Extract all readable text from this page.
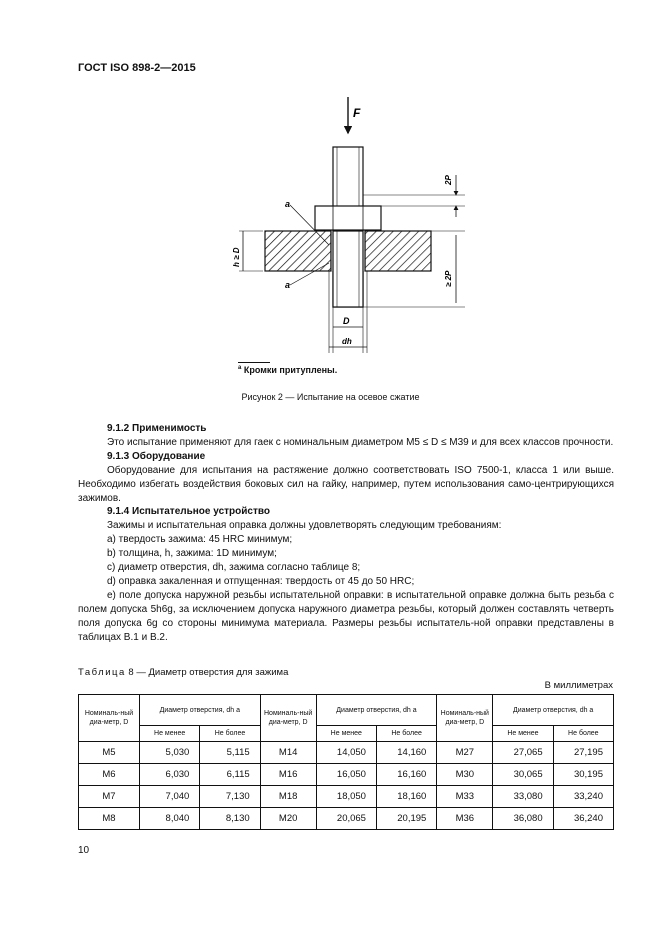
ГОСТ ISO 898-2—2015
a
a
h ≥ D
F
2P
≥ 2P
D
dh
$^a$ Кромки притуплены.
Рисунок 2 — Испытание на осевое сжатие

9.1.2 Применимость

Это испытание применяют для гаек с номинальным диаметром М5 ≤ D ≤ М39 и для всех классов прочности.

9.1.3 Оборудование

Оборудование для испытания на растяжение должно соответствовать ISO 7500-1, класса 1 или выше. Необходимо избегать воздействия боковых сил на гайку, например, путем использования само-центрирующихся зажимов.

9.1.4 Испытательное устройство

Зажимы и испытательная оправка должны удовлетворять следующим требованиям:

a) твердость зажима: 45 HRC минимум;

b) толщина, h, зажима: 1D минимум;

c) диаметр отверстия, dh, зажима согласно таблице 8;

d) оправка закаленная и отпущенная: твердость от 45 до 50 HRC;

e) поле допуска наружной резьбы испытательной оправки: в испытательной оправке должна быть резьба с полем допуска 5h6g, за исключением допуска наружного диаметра резьбы, который должен составлять четверть поля допуска 6g со стороны минимума материала. Размеры резьбы испытатель-ной оправки представлены в таблицах В.1 и В.2.

Таблица 8 — Диаметр отверстия для зажима
В миллиметрах
Номиналь-ный диа-метр, D	Диаметр отверстия, dh a		Номиналь-ный диа-метр, D	Диаметр отверстия, dh a		Номиналь-ный диа-метр, D	Диаметр отверстия, dh a	
	Не менее	Не более		Не менее	Не более		Не менее	Не более
М5	5,030	5,115	М14	14,050	14,160	М27	27,065	27,195
М6	6,030	6,115	М16	16,050	16,160	М30	30,065	30,195
М7	7,040	7,130	М18	18,050	18,160	М33	33,080	33,240
М8	8,040	8,130	М20	20,065	20,195	М36	36,080	36,240
10
